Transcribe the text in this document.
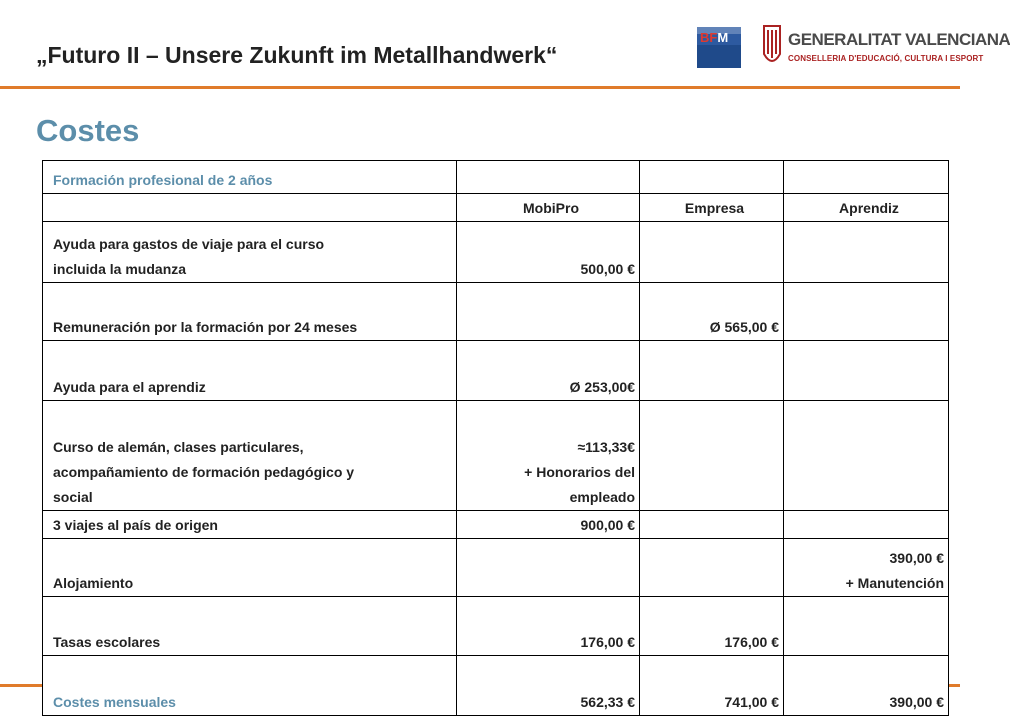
„Futuro II – Unsere Zukunft im Metallhandwerk“
BFM	GENERALITAT VALENCIANA
CONSELLERIA D'EDUCACIÓ, CULTURA I ESPORT
Costes
Formación profesional de 2 años			
	MobiPro	Empresa	Aprendiz
Ayuda para gastos de viaje para el curso
incluida la mudanza	500,00 €		
Remuneración por la formación por 24 meses		Ø 565,00 €	
Ayuda para el aprendiz	Ø 253,00€		
Curso de alemán, clases particulares,
acompañamiento de formación pedagógico y
social	≈113,33€
+ Honorarios del
empleado		
3 viajes al país de origen	900,00 €		
Alojamiento			390,00 €
+ Manutención
Tasas escolares	176,00 €	176,00 €	
Costes mensuales	562,33 €	741,00 €	390,00 €
